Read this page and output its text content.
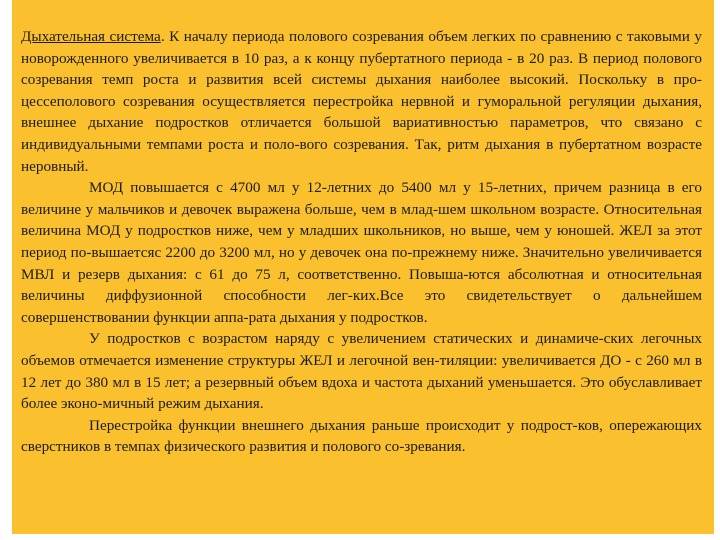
Дыхательная система. К началу периода полового созревания объем легких по сравнению с таковыми у новорожденного увеличивается в 10 раз, а к концу пубертатного периода - в 20 раз. В период полового созревания темп роста и развития всей системы дыхания наиболее высокий. Поскольку в про-цессеполового созревания осуществляется перестройка нервной и гуморальной регуляции дыхания, внешнее дыхание подростков отличается большой вариативностью параметров, что связано с индивидуальными темпами роста и поло-вого созревания. Так, ритм дыхания в пубертатном возрасте неровный.

МОД повышается с 4700 мл у 12-летних до 5400 мл у 15-летних, причем разница в его величине у мальчиков и девочек выражена больше, чем в млад-шем школьном возрасте. Относительная величина МОД у подростков ниже, чем у младших школьников, но выше, чем у юношей. ЖЕЛ за этот период по-вышаетсяс 2200 до 3200 мл, но у девочек она по-прежнему ниже. Значительно увеличивается МВЛ и резерв дыхания: с 61 до 75 л, соответственно. Повыша-ются абсолютная и относительная величины диффузионной способности лег-ких.Все это свидетельствует о дальнейшем совершенствовании функции аппа-рата дыхания у подростков.

У подростков с возрастом наряду с увеличением статических и динамиче-ских легочных объемов отмечается изменение структуры ЖЕЛ и легочной вен-тиляции: увеличивается ДО - с 260 мл в 12 лет до 380 мл в 15 лет; а резервный объем вдоха и частота дыханий уменьшается. Это обуславливает более эконо-мичный режим дыхания.

Перестройка функции внешнего дыхания раньше происходит у подрост-ков, опережающих сверстников в темпах физического развития и полового со-зревания.
